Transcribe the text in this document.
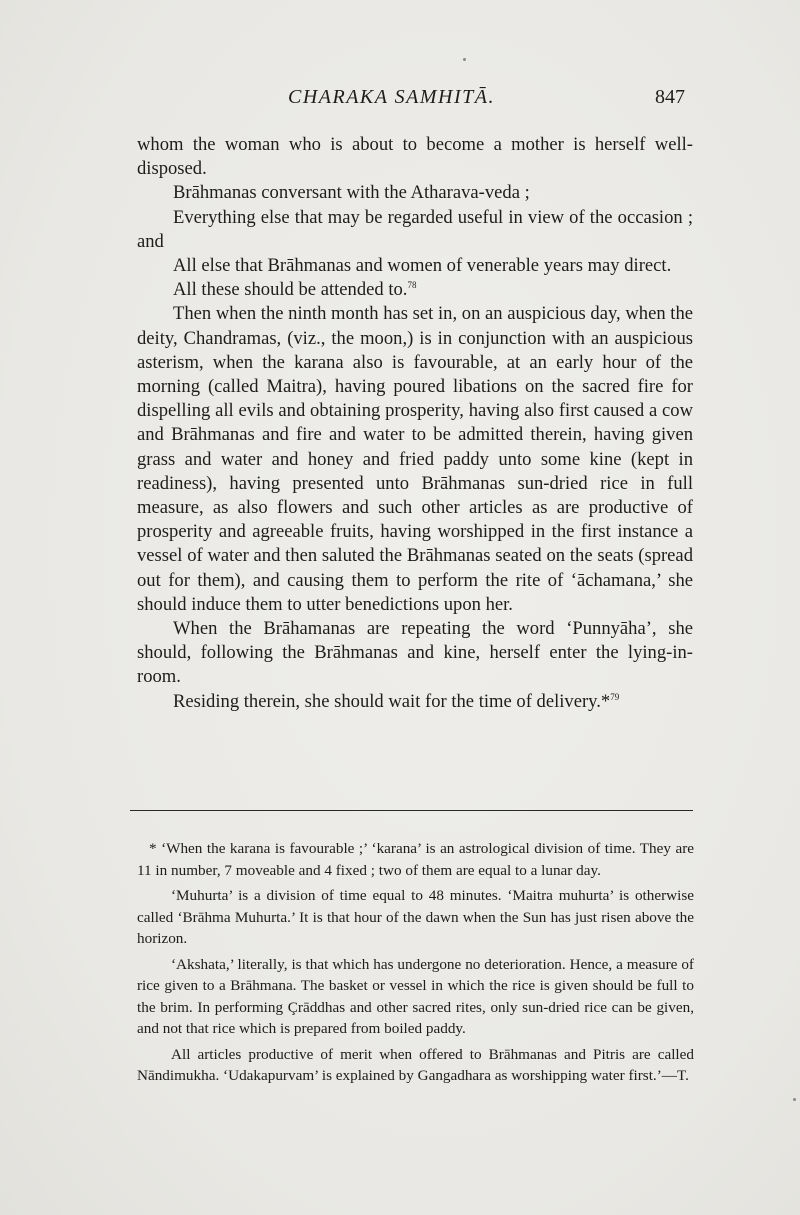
CHARAKA SAMHITĀ.	847

whom the woman who is about to become a mother is herself well-disposed.

Brāhmanas conversant with the Atharava-veda ;

Everything else that may be regarded useful in view of the occasion ; and

All else that Brāhmanas and women of venerable years may direct.

All these should be attended to.$^{78}$

Then when the ninth month has set in, on an auspicious day, when the deity, Chandramas, (viz., the moon,) is in conjunction with an auspicious asterism, when the karana also is favourable, at an early hour of the morning (called Maitra), having poured libations on the sacred fire for dispelling all evils and obtaining prosperity, having also first caused a cow and Brāhmanas and fire and water to be admitted therein, having given grass and water and honey and fried paddy unto some kine (kept in readiness), having presented unto Brāhmanas sun-dried rice in full measure, as also flowers and such other articles as are productive of prosperity and agreeable fruits, having worshipped in the first instance a vessel of water and then saluted the Brāhmanas seated on the seats (spread out for them), and causing them to perform the rite of ‘āchamana,’ she should induce them to utter benedictions upon her.

When the Brāhamanas are repeating the word ‘Punnyāha’, she should, following the Brāhmanas and kine, herself enter the lying-in-room.

Residing therein, she should wait for the time of delivery.*$^{79}$

* ‘When the karana is favourable ;’ ‘karana’ is an astrological division of time. They are 11 in number, 7 moveable and 4 fixed ; two of them are equal to a lunar day.

‘Muhurta’ is a division of time equal to 48 minutes. ‘Maitra muhurta’ is otherwise called ‘Brāhma Muhurta.’ It is that hour of the dawn when the Sun has just risen above the horizon.

‘Akshata,’ literally, is that which has undergone no deterioration. Hence, a measure of rice given to a Brāhmana. The basket or vessel in which the rice is given should be full to the brim. In performing Çrāddhas and other sacred rites, only sun-dried rice can be given, and not that rice which is prepared from boiled paddy.

All articles productive of merit when offered to Brāhmanas and Pitris are called Nāndimukha. ‘Udakapurvam’ is explained by Gangadhara as worshipping water first.’—T.
